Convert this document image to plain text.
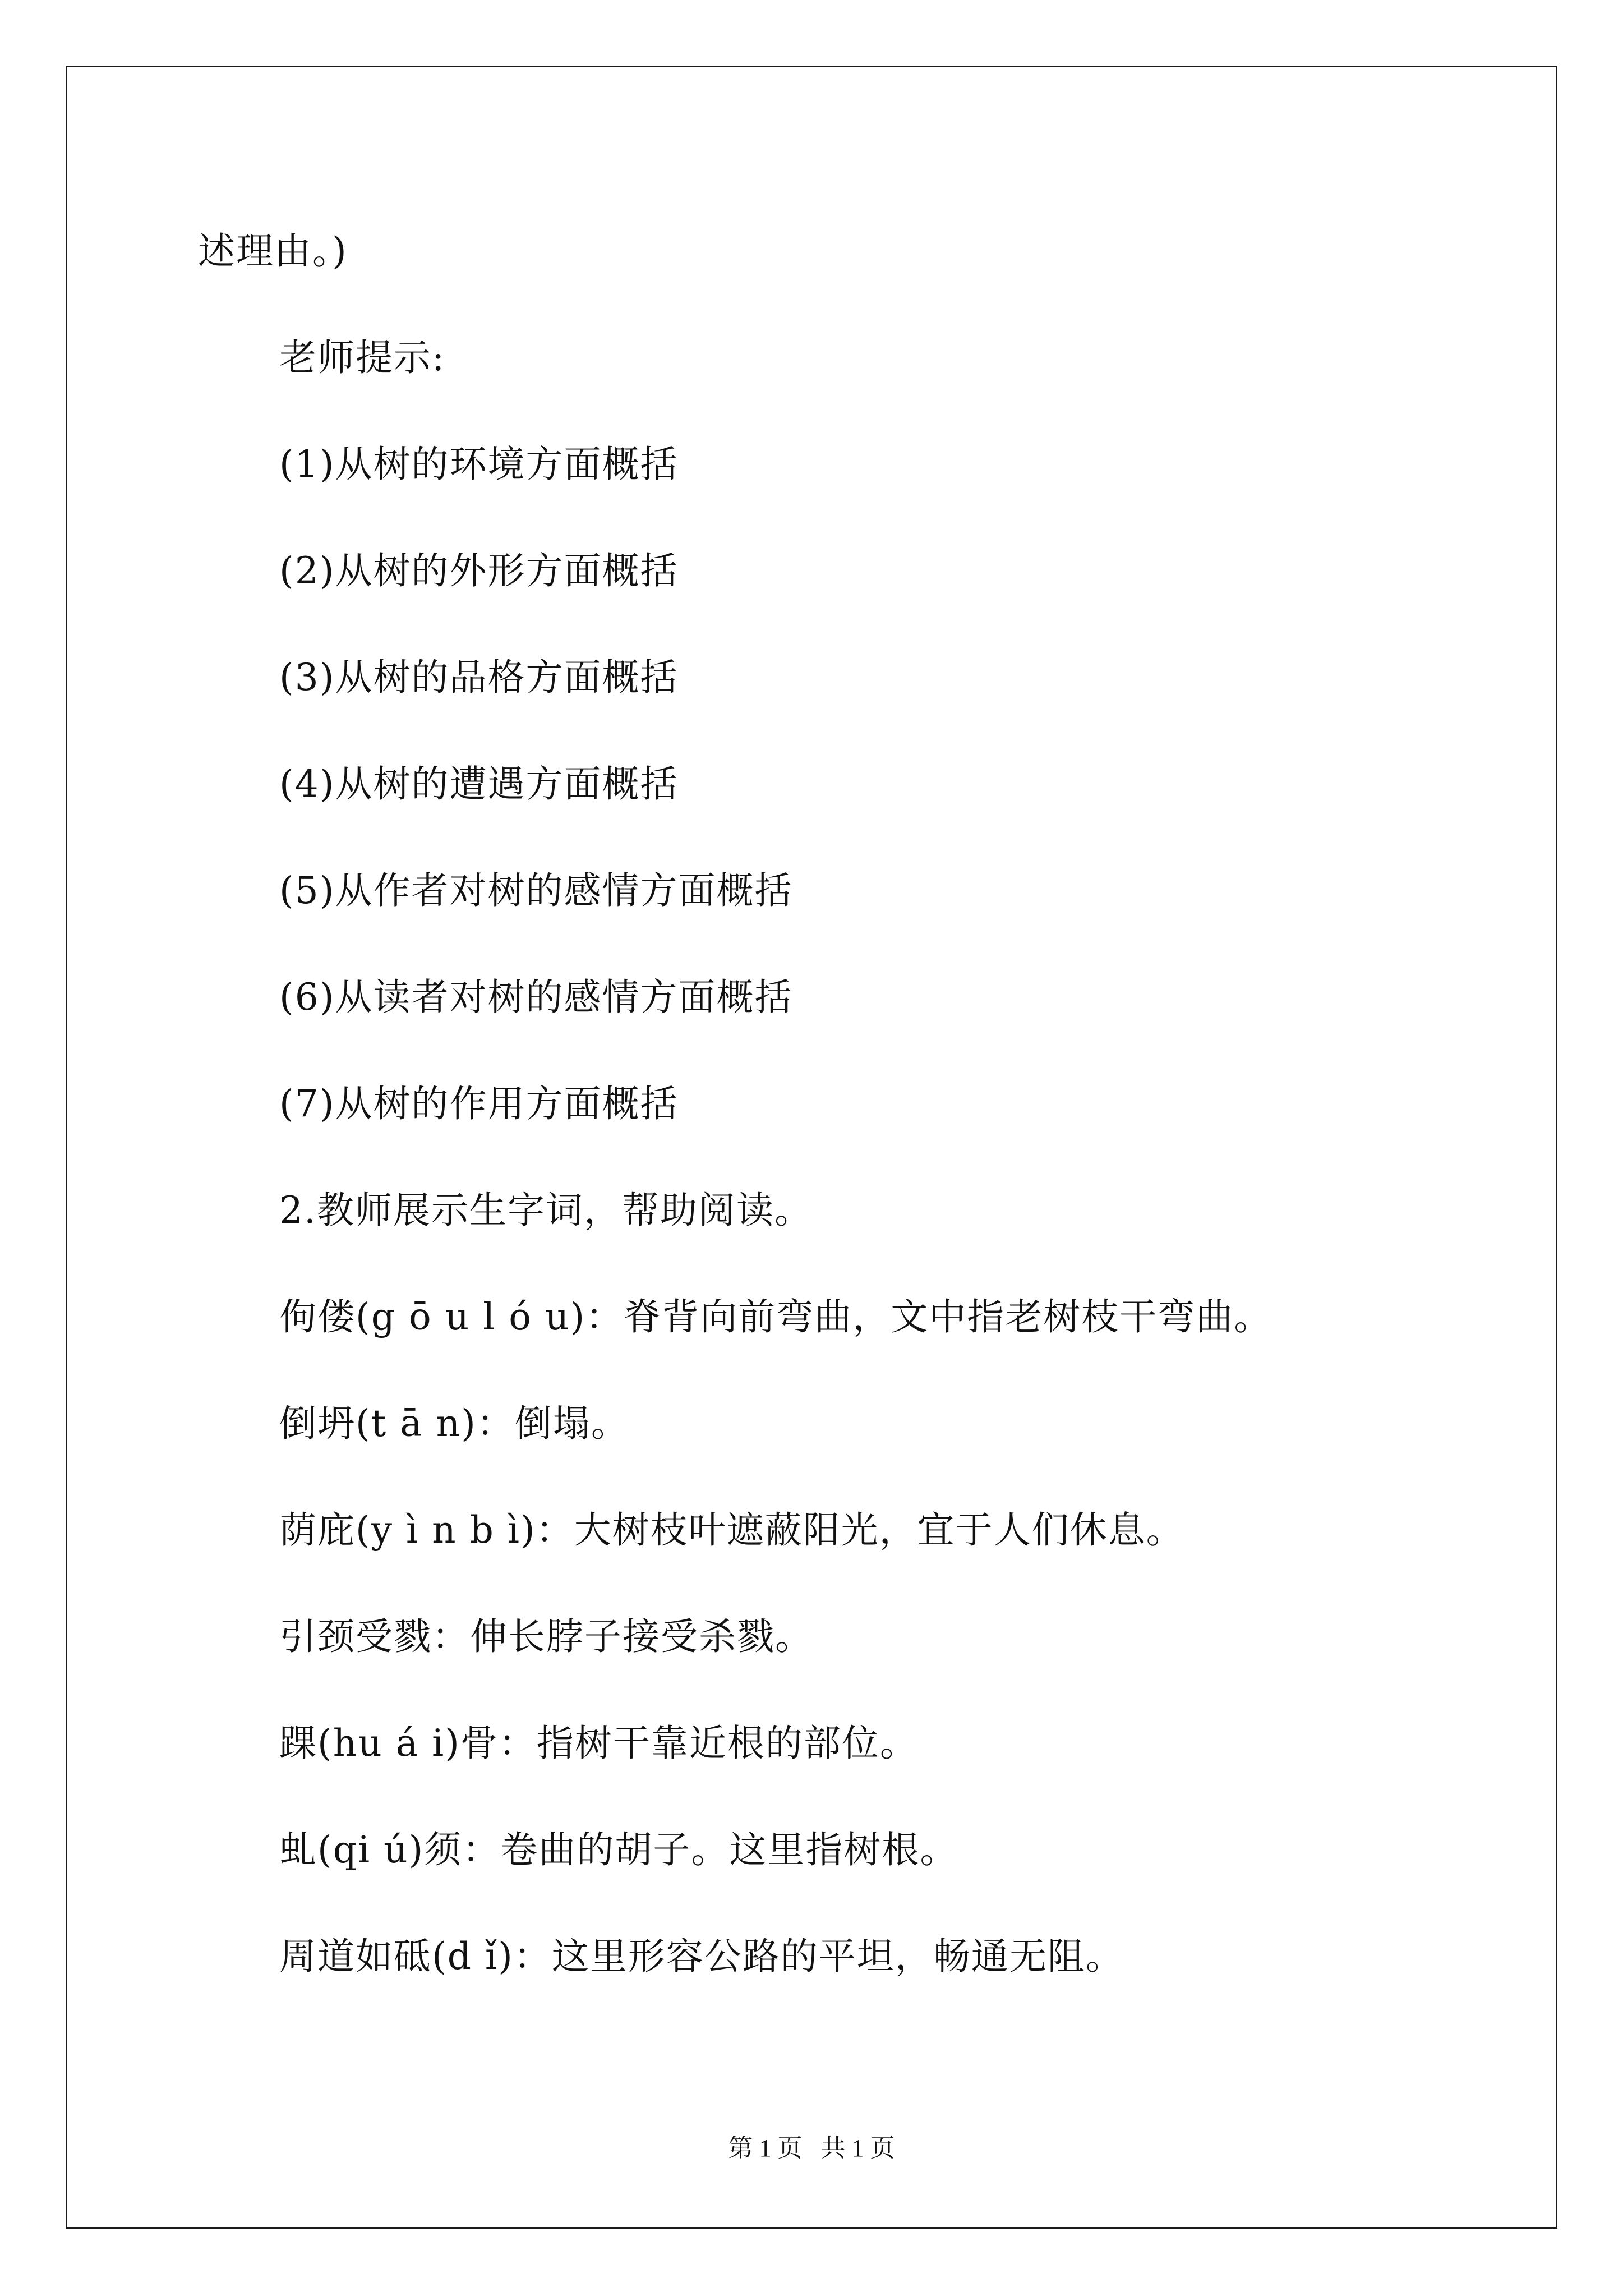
述理由。)
老师提示:
(1)从树的环境方面概括
(2)从树的外形方面概括
(3)从树的品格方面概括
(4)从树的遭遇方面概括
(5)从作者对树的感情方面概括
(6)从读者对树的感情方面概括
(7)从树的作用方面概括
2.教师展示生字词，帮助阅读。
佝偻(g ō u l ó u)：脊背向前弯曲，文中指老树枝干弯曲。
倒坍(t ā n)：倒塌。
荫庇(y ì n b ì)：大树枝叶遮蔽阳光，宜于人们休息。
引颈受戮：伸长脖子接受杀戮。
踝(hu á i)骨：指树干靠近根的部位。
虬(qi ú)须：卷曲的胡子。这里指树根。
周道如砥(d ǐ)：这里形容公路的平坦，畅通无阻。
第 1 页   共 1 页
